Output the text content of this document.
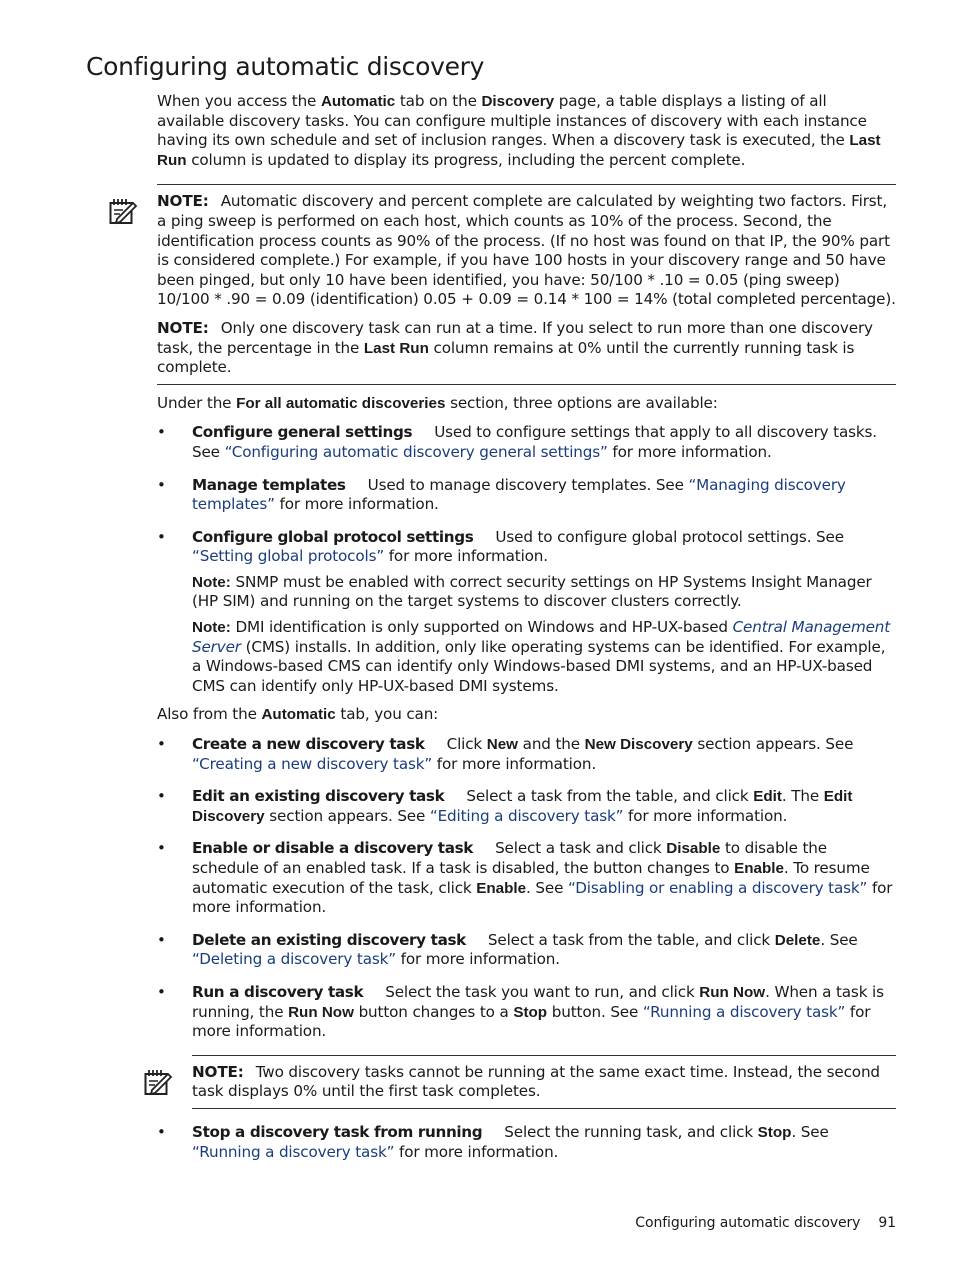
Configuring automatic discovery

When you access the Automatic tab on the Discovery page, a table displays a listing of all available discovery tasks. You can configure multiple instances of discovery with each instance having its own schedule and set of inclusion ranges. When a discovery task is executed, the Last Run column is updated to display its progress, including the percent complete.

NOTE: Automatic discovery and percent complete are calculated by weighting two factors. First, a ping sweep is performed on each host, which counts as 10% of the process. Second, the identification process counts as 90% of the process. (If no host was found on that IP, the 90% part is considered complete.) For example, if you have 100 hosts in your discovery range and 50 have been pinged, but only 10 have been identified, you have: 50/100 * .10 = 0.05 (ping sweep) 10/100 * .90 = 0.09 (identification) 0.05 + 0.09 = 0.14 * 100 = 14% (total completed percentage).

NOTE: Only one discovery task can run at a time. If you select to run more than one discovery task, the percentage in the Last Run column remains at 0% until the currently running task is complete.

Under the For all automatic discoveries section, three options are available:

• Configure general settings Used to configure settings that apply to all discovery tasks. See “Configuring automatic discovery general settings” for more information.

• Manage templates Used to manage discovery templates. See “Managing discovery templates” for more information.

• Configure global protocol settings Used to configure global protocol settings. See “Setting global protocols” for more information.

Note: SNMP must be enabled with correct security settings on HP Systems Insight Manager (HP SIM) and running on the target systems to discover clusters correctly.

Note: DMI identification is only supported on Windows and HP-UX-based Central Management Server (CMS) installs. In addition, only like operating systems can be identified. For example, a Windows-based CMS can identify only Windows-based DMI systems, and an HP-UX-based CMS can identify only HP-UX-based DMI systems.

Also from the Automatic tab, you can:

• Create a new discovery task Click New and the New Discovery section appears. See “Creating a new discovery task” for more information.

• Edit an existing discovery task Select a task from the table, and click Edit. The Edit Discovery section appears. See “Editing a discovery task” for more information.

• Enable or disable a discovery task Select a task and click Disable to disable the schedule of an enabled task. If a task is disabled, the button changes to Enable. To resume automatic execution of the task, click Enable. See “Disabling or enabling a discovery task” for more information.

• Delete an existing discovery task Select a task from the table, and click Delete. See “Deleting a discovery task” for more information.

• Run a discovery task Select the task you want to run, and click Run Now. When a task is running, the Run Now button changes to a Stop button. See “Running a discovery task” for more information.

NOTE: Two discovery tasks cannot be running at the same exact time. Instead, the second task displays 0% until the first task completes.

• Stop a discovery task from running Select the running task, and click Stop. See “Running a discovery task” for more information.

Configuring automatic discovery 91
